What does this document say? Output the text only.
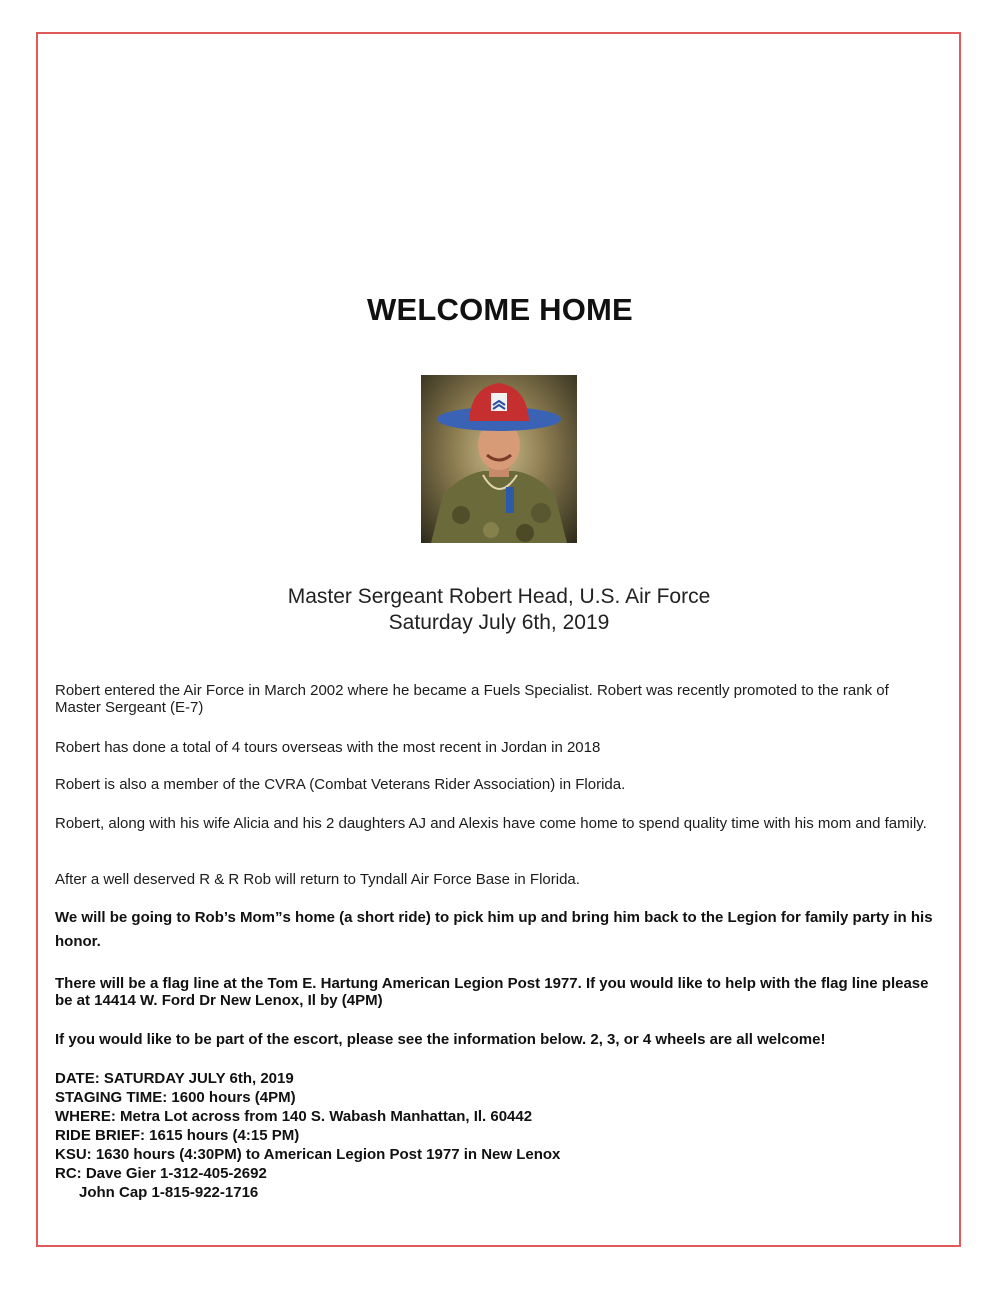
WELCOME HOME
Master Sergeant Robert Head, U.S. Air Force
Saturday July 6th, 2019
Robert entered the Air Force in March 2002 where he became a Fuels Specialist. Robert was recently promoted to the rank of Master Sergeant (E-7)
Robert has done a total of 4 tours overseas with the most recent in Jordan in 2018
Robert is also a member of the CVRA (Combat Veterans Rider Association) in Florida.
Robert, along with his wife Alicia and his 2 daughters AJ and Alexis have come home to spend quality time with his mom and family.
After a well deserved R & R Rob will return to Tyndall Air Force Base in Florida.
We will be going to Rob’s Mom”s home (a short ride) to pick him up and bring him back to the Legion for family party in his honor.
There will be a flag line at the Tom E. Hartung American Legion Post 1977. If you would like to help with the flag line please be at 14414 W. Ford Dr New Lenox, Il by (4PM)
If you would like to be part of the escort, please see the information below. 2, 3, or 4 wheels are all welcome!
DATE: SATURDAY JULY 6th, 2019
STAGING TIME: 1600 hours (4PM)
WHERE: Metra Lot across from 140 S. Wabash Manhattan, Il. 60442
RIDE BRIEF: 1615 hours (4:15 PM)
KSU: 1630 hours (4:30PM) to American Legion Post 1977 in New Lenox
RC: Dave Gier 1-312-405-2692
John Cap 1-815-922-1716
